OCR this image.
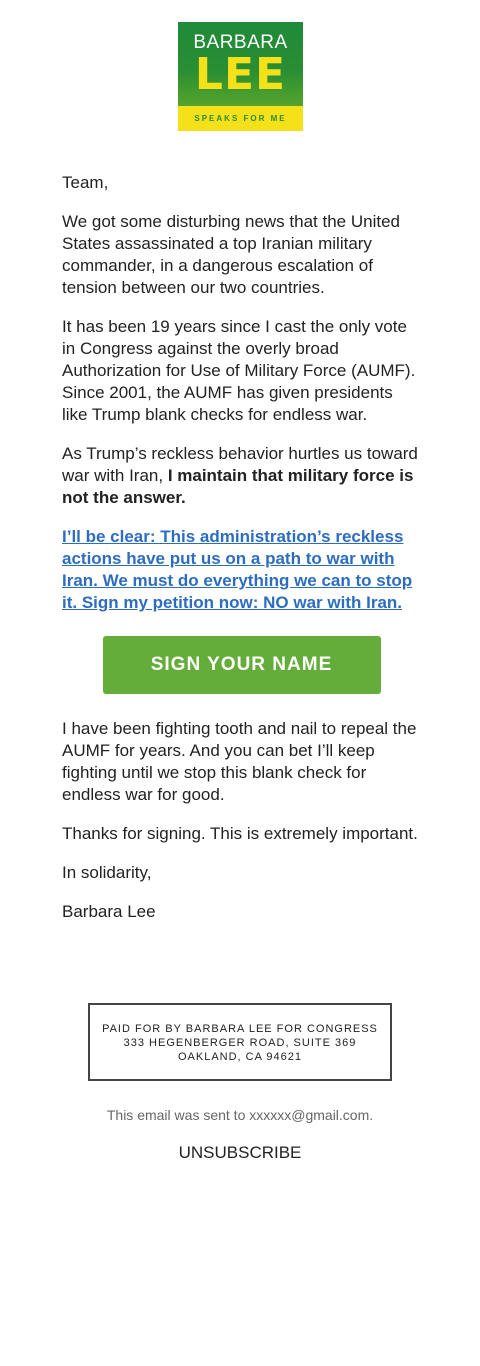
BARBARA
LEE
SPEAKS FOR ME

Team,

We got some disturbing news that the United States assassinated a top Iranian military commander, in a dangerous escalation of tension between our two countries.

It has been 19 years since I cast the only vote in Congress against the overly broad Authorization for Use of Military Force (AUMF). Since 2001, the AUMF has given presidents like Trump blank checks for endless war.

As Trump’s reckless behavior hurtles us toward war with Iran, I maintain that military force is not the answer.

I’ll be clear: This administration’s reckless actions have put us on a path to war with Iran. We must do everything we can to stop it. Sign my petition now: NO war with Iran.

SIGN YOUR NAME

I have been fighting tooth and nail to repeal the AUMF for years. And you can bet I’ll keep fighting until we stop this blank check for endless war for good.

Thanks for signing. This is extremely important.

In solidarity,

Barbara Lee

PAID FOR BY BARBARA LEE FOR CONGRESS
333 HEGENBERGER ROAD, SUITE 369
OAKLAND, CA 94621
This email was sent to xxxxxx@gmail.com.
UNSUBSCRIBE
